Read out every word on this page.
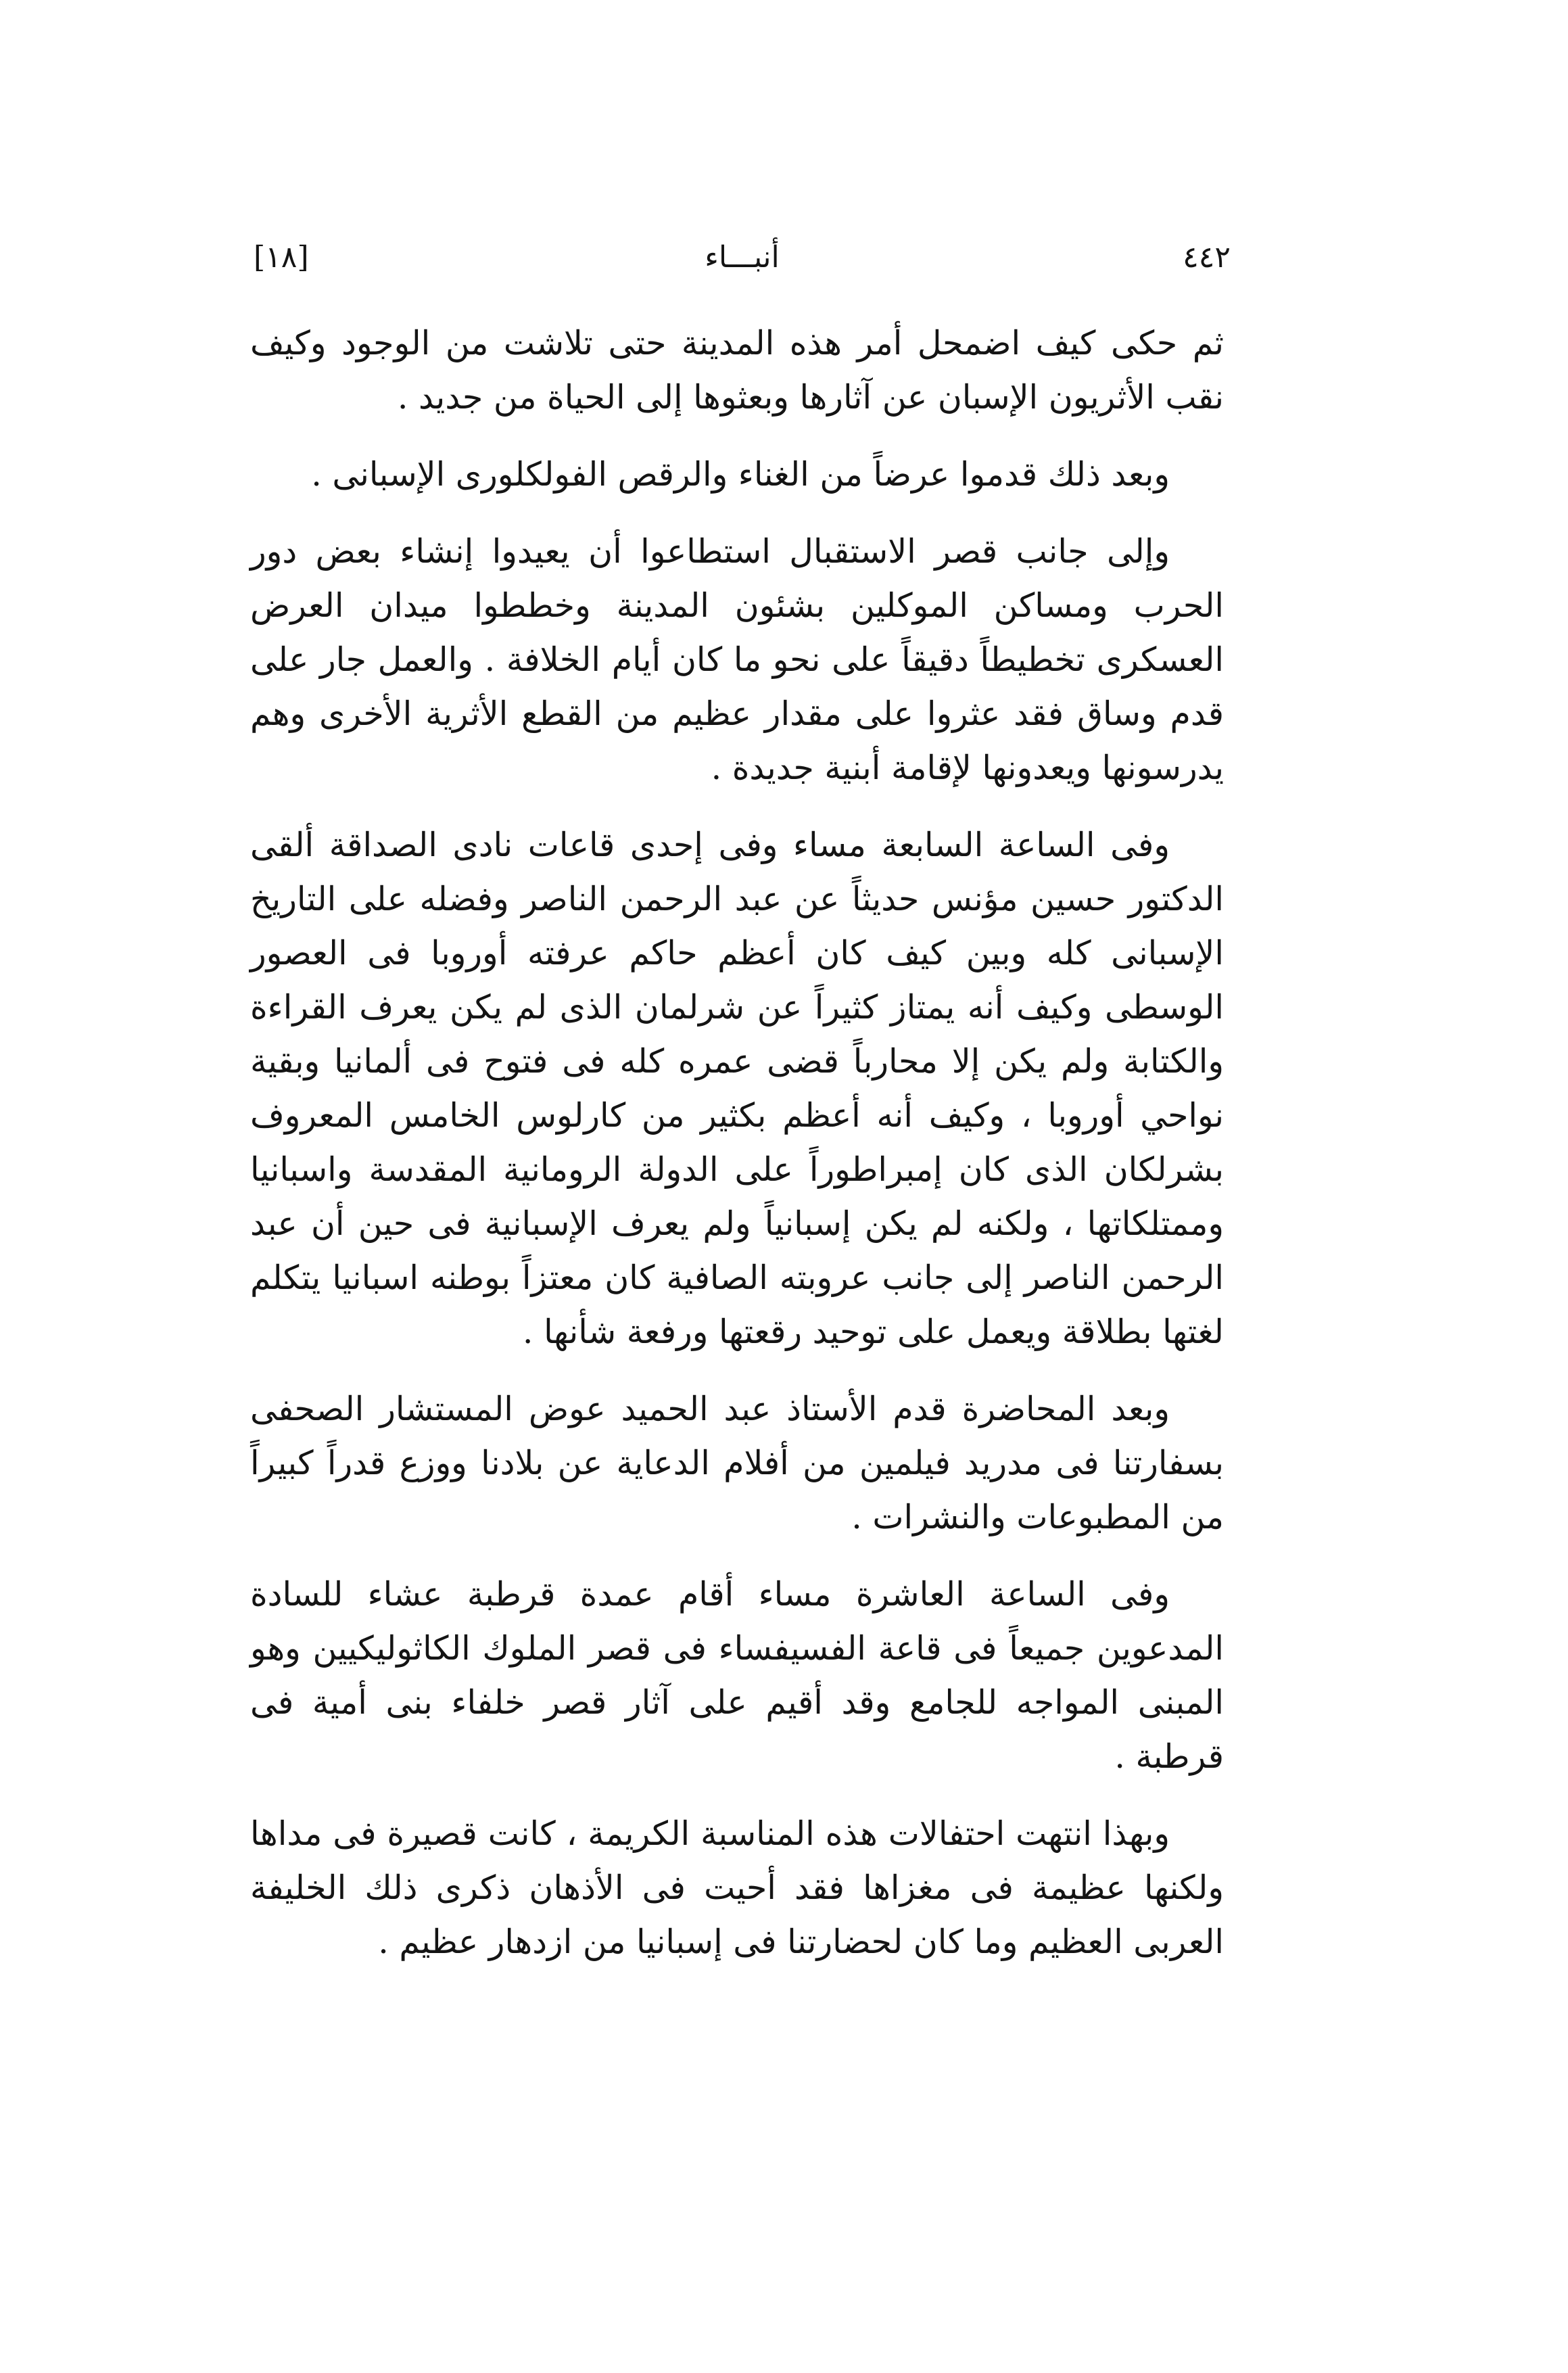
[١٨]	أنبـــاء	٤٤٢

ثم حكى كيف اضمحل أمر هذه المدينة حتى تلاشت من الوجود وكيف نقب الأثريون الإسبان عن آثارها وبعثوها إلى الحياة من جديد .

وبعد ذلك قدموا عرضاً من الغناء والرقص الفولكلورى الإسبانى .

وإلى جانب قصر الاستقبال استطاعوا أن يعيدوا إنشاء بعض دور الحرب ومساكن الموكلين بشئون المدينة وخططوا ميدان العرض العسكرى تخطيطاً دقيقاً على نحو ما كان أيام الخلافة . والعمل جار على قدم وساق فقد عثروا على مقدار عظيم من القطع الأثرية الأخرى وهم يدرسونها ويعدونها لإقامة أبنية جديدة .

وفى الساعة السابعة مساء وفى إحدى قاعات نادى الصداقة ألقى الدكتور حسين مؤنس حديثاً عن عبد الرحمن الناصر وفضله على التاريخ الإسبانى كله وبين كيف كان أعظم حاكم عرفته أوروبا فى العصور الوسطى وكيف أنه يمتاز كثيراً عن شرلمان الذى لم يكن يعرف القراءة والكتابة ولم يكن إلا محارباً قضى عمره كله فى فتوح فى ألمانيا وبقية نواحي أوروبا ، وكيف أنه أعظم بكثير من كارلوس الخامس المعروف بشرلكان الذى كان إمبراطوراً على الدولة الرومانية المقدسة واسبانيا وممتلكاتها ، ولكنه لم يكن إسبانياً ولم يعرف الإسبانية فى حين أن عبد الرحمن الناصر إلى جانب عروبته الصافية كان معتزاً بوطنه اسبانيا يتكلم لغتها بطلاقة ويعمل على توحيد رقعتها ورفعة شأنها .

وبعد المحاضرة قدم الأستاذ عبد الحميد عوض المستشار الصحفى بسفارتنا فى مدريد فيلمين من أفلام الدعاية عن بلادنا ووزع قدراً كبيراً من المطبوعات والنشرات .

وفى الساعة العاشرة مساء أقام عمدة قرطبة عشاء للسادة المدعوين جميعاً فى قاعة الفسيفساء فى قصر الملوك الكاثوليكيين وهو المبنى المواجه للجامع وقد أقيم على آثار قصر خلفاء بنى أمية فى قرطبة .

وبهذا انتهت احتفالات هذه المناسبة الكريمة ، كانت قصيرة فى مداها ولكنها عظيمة فى مغزاها فقد أحيت فى الأذهان ذكرى ذلك الخليفة العربى العظيم وما كان لحضارتنا فى إسبانيا من ازدهار عظيم .
